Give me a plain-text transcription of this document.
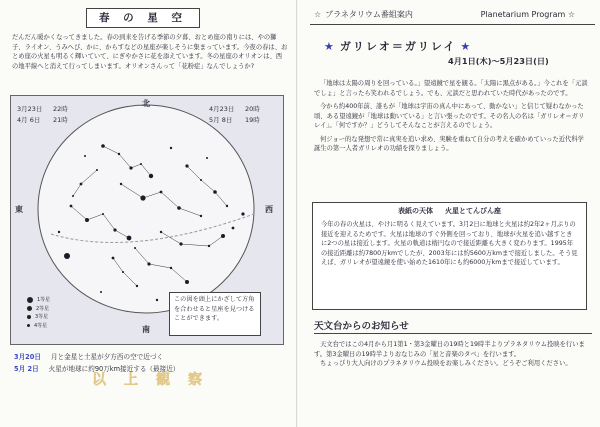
春 の 星 空
だんだん暖かくなってきました。春の到来を告げる季節の夕暮、おとめ座の南りには、やの獅子、ライオン、うみへび、かに、からすなどの星座が楽しそうに集まっています。今夜の春は、おとめ座の火星も明るく輝いていて、にぎやかさに花を添えています。冬の星座のオリオンは、西の地平線へと消えて行ってしまいます。オリオンさんって「花粉症」なんでしょうか?
3月23日 22時
4月 6日 21時
4月23日 20時
5月 8日 19時
北
東	西
南
1等星
2等星
3等星
4等星
この図を頭上にかざして方角を合わせると星座を見つけることができます。
3月20日 月と金星と土星が夕方西の空で近づく
5月 2日 火星が地球に約90万km接近する（最接近）
以上観察
☆ プラネタリウム番組案内	Planetarium Program ☆
★ ガリレオ＝ガリレイ ★
4月1日(木)～5月23日(日)

「地球は太陽の周りを回っている。」望遠鏡で星を観る。「太陽に黒点がある。」今これを「元談でしょ」と言ったら笑われるでしょう。でも、元談だと思われていた時代があったのです。

今から約400年前、誰もが「地球は宇宙の真ん中にあって、動かない」と信じて疑わなかった頃、ある望遠鏡が「地球は動いている」と言い張ったのです。その名人の名は「ガリレオ＝ガリレイ」。「何ですか？」どうしてそんなことが言えるのでしょう。

何ジョー的な発想で常に真実を追い求め、実験を重ねて自分の考えを確かめていった近代科学誕生の第一人者ガリレオの功績を探りましょう。

表紙の天体 火星とてんびん座
今年の春の火星は、やけに明るく見えています。3月2日に地球と火星は約2年2ヶ月ぶりの接近を迎えるためです。火星は地球のすぐ外側を回っており、地球が火星を追い越すときに2つの星は接近します。火星の軌道は楕円なので接近距離も大きく変わります。1995年の接近距離は約7800万kmでしたが、2003年には約5600万kmまで接近しました。そう見えば、ガリレオが望遠鏡を使い始めた1610年にも約6000万kmまで接近しています。
天文台からのお知らせ

天文台ではこの4月から月1第1・第3金曜日の19時と19時半よりプラネタリウム投映を行います。第3金曜日の19時半よりおなじみの「星と音楽のタベ」を行います。

ちょっぴり大人向けのプラネタリウム投映をお楽しみください。どうぞご利用ください。
